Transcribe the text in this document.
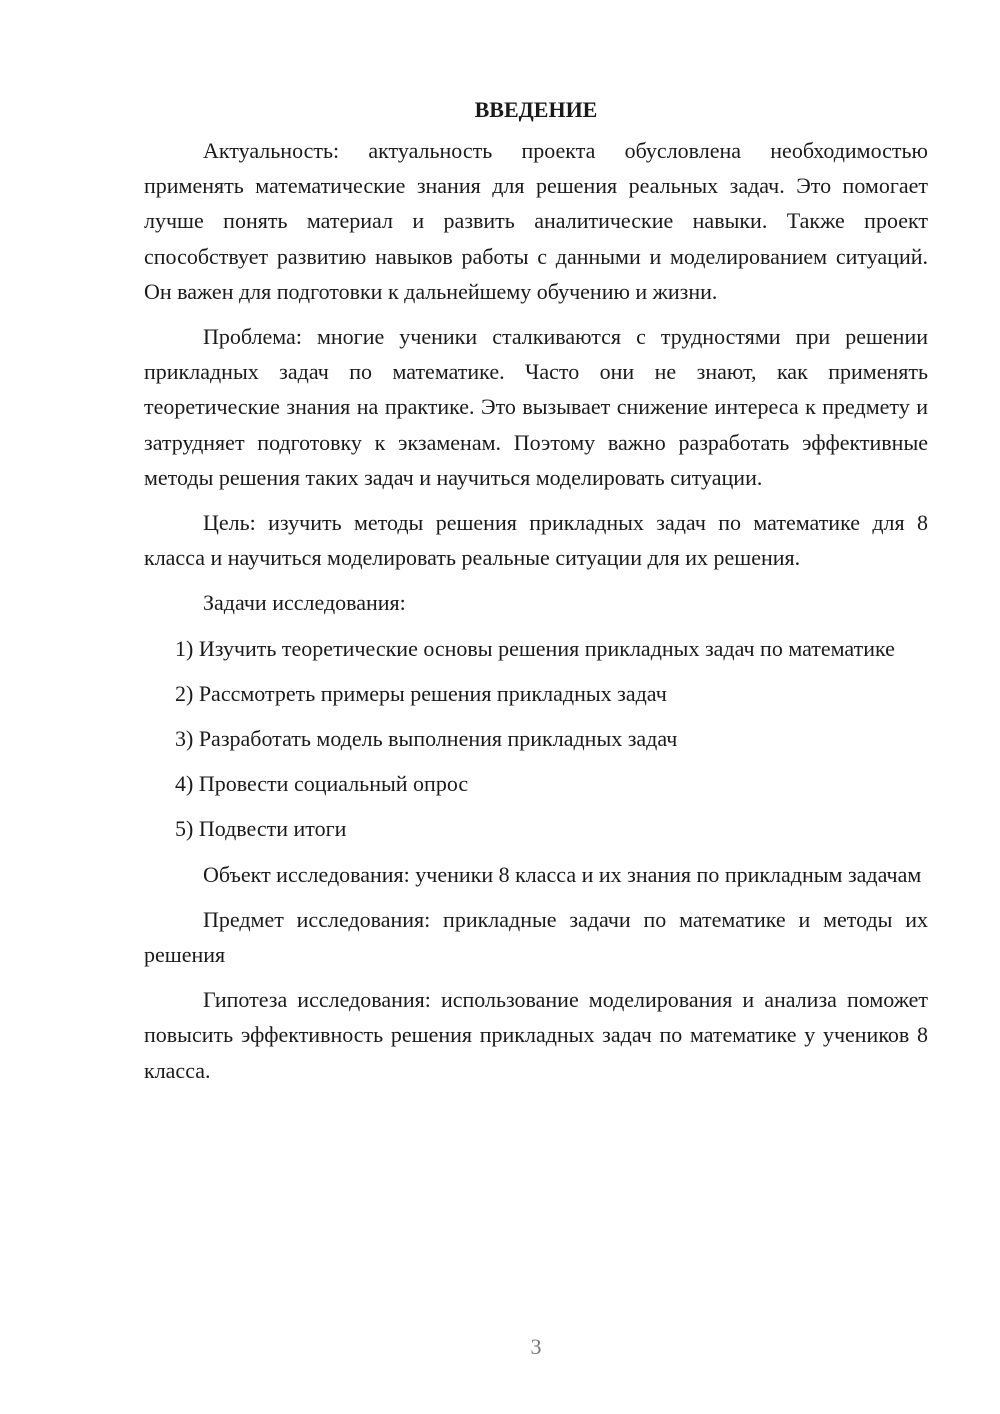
ВВЕДЕНИЕ

Актуальность: актуальность проекта обусловлена необходимостью применять математические знания для решения реальных задач. Это помогает лучше понять материал и развить аналитические навыки. Также проект способствует развитию навыков работы с данными и моделированием ситуаций. Он важен для подготовки к дальнейшему обучению и жизни.

Проблема: многие ученики сталкиваются с трудностями при решении прикладных задач по математике. Часто они не знают, как применять теоретические знания на практике. Это вызывает снижение интереса к предмету и затрудняет подготовку к экзаменам. Поэтому важно разработать эффективные методы решения таких задач и научиться моделировать ситуации.

Цель: изучить методы решения прикладных задач по математике для 8 класса и научиться моделировать реальные ситуации для их решения.

Задачи исследования:

1) Изучить теоретические основы решения прикладных задач по математике

2) Рассмотреть примеры решения прикладных задач

3) Разработать модель выполнения прикладных задач

4) Провести социальный опрос

5) Подвести итоги

Объект исследования: ученики 8 класса и их знания по прикладным задачам

Предмет исследования: прикладные задачи по математике и методы их решения

Гипотеза исследования: использование моделирования и анализа поможет повысить эффективность решения прикладных задач по математике у учеников 8 класса.

3
